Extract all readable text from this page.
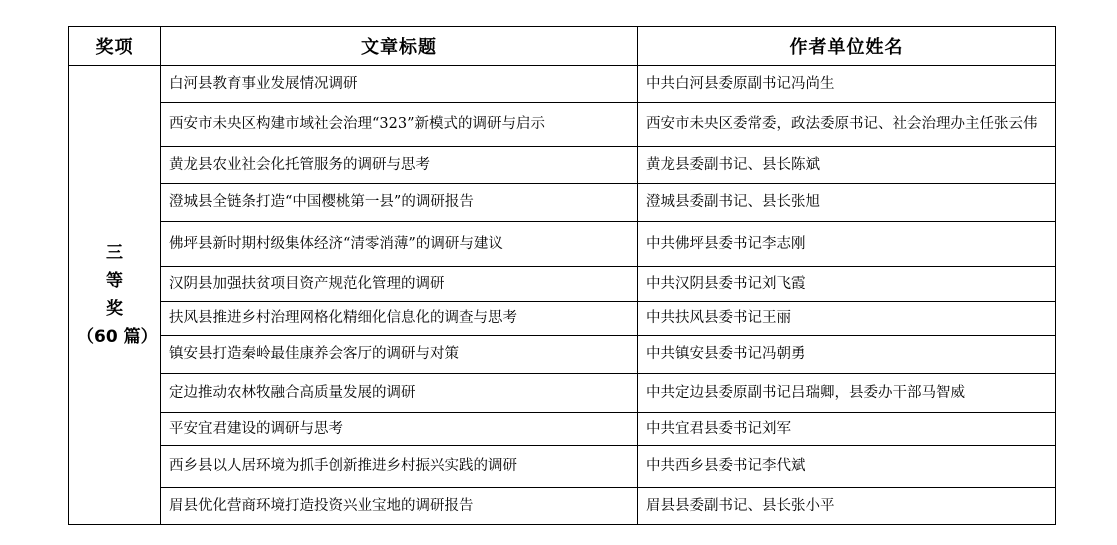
奖项	文章标题	作者单位姓名

三
等
奖
（60 篇）	白河县教育事业发展情况调研	中共白河县委原副书记冯尚生
	西安市未央区构建市域社会治理“323”新模式的调研与启示	西安市未央区委常委，政法委原书记、社会治理办主任张云伟
	黄龙县农业社会化托管服务的调研与思考	黄龙县委副书记、县长陈斌
	澄城县全链条打造“中国樱桃第一县”的调研报告	澄城县委副书记、县长张旭
	佛坪县新时期村级集体经济“清零消薄”的调研与建议	中共佛坪县委书记李志刚
	汉阴县加强扶贫项目资产规范化管理的调研	中共汉阴县委书记刘飞霞
	扶风县推进乡村治理网格化精细化信息化的调查与思考	中共扶风县委书记王丽
	镇安县打造秦岭最佳康养会客厅的调研与对策	中共镇安县委书记冯朝勇
	定边推动农林牧融合高质量发展的调研	中共定边县委原副书记吕瑞卿，县委办干部马智威
	平安宜君建设的调研与思考	中共宜君县委书记刘军
	西乡县以人居环境为抓手创新推进乡村振兴实践的调研	中共西乡县委书记李代斌
	眉县优化营商环境打造投资兴业宝地的调研报告	眉县县委副书记、县长张小平
